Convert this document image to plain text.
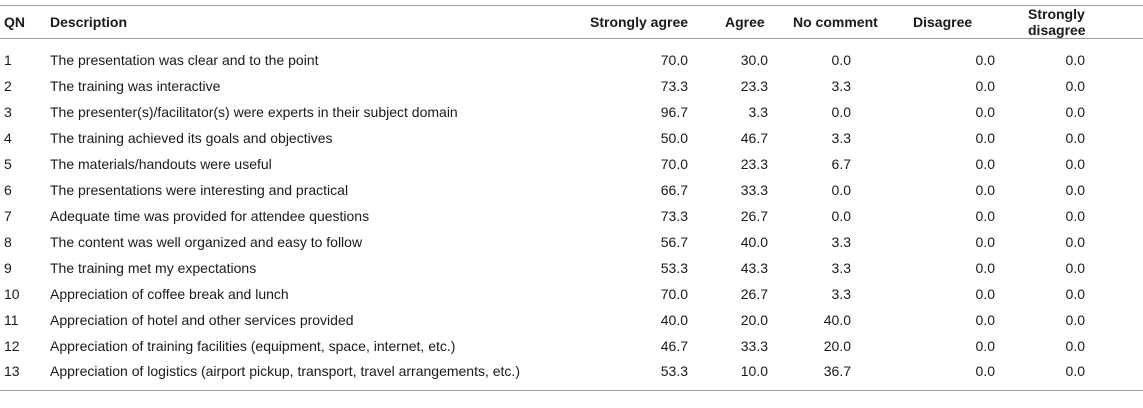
QN	Description	Strongly agree	Agree	No comment	Disagree	Strongly disagree
1	The presentation was clear and to the point	70.0	30.0	0.0	0.0	0.0
2	The training was interactive	73.3	23.3	3.3	0.0	0.0
3	The presenter(s)/facilitator(s) were experts in their subject domain	96.7	3.3	0.0	0.0	0.0
4	The training achieved its goals and objectives	50.0	46.7	3.3	0.0	0.0
5	The materials/handouts were useful	70.0	23.3	6.7	0.0	0.0
6	The presentations were interesting and practical	66.7	33.3	0.0	0.0	0.0
7	Adequate time was provided for attendee questions	73.3	26.7	0.0	0.0	0.0
8	The content was well organized and easy to follow	56.7	40.0	3.3	0.0	0.0
9	The training met my expectations	53.3	43.3	3.3	0.0	0.0
10	Appreciation of coffee break and lunch	70.0	26.7	3.3	0.0	0.0
11	Appreciation of hotel and other services provided	40.0	20.0	40.0	0.0	0.0
12	Appreciation of training facilities (equipment, space, internet, etc.)	46.7	33.3	20.0	0.0	0.0
13	Appreciation of logistics (airport pickup, transport, travel arrangements, etc.)	53.3	10.0	36.7	0.0	0.0
